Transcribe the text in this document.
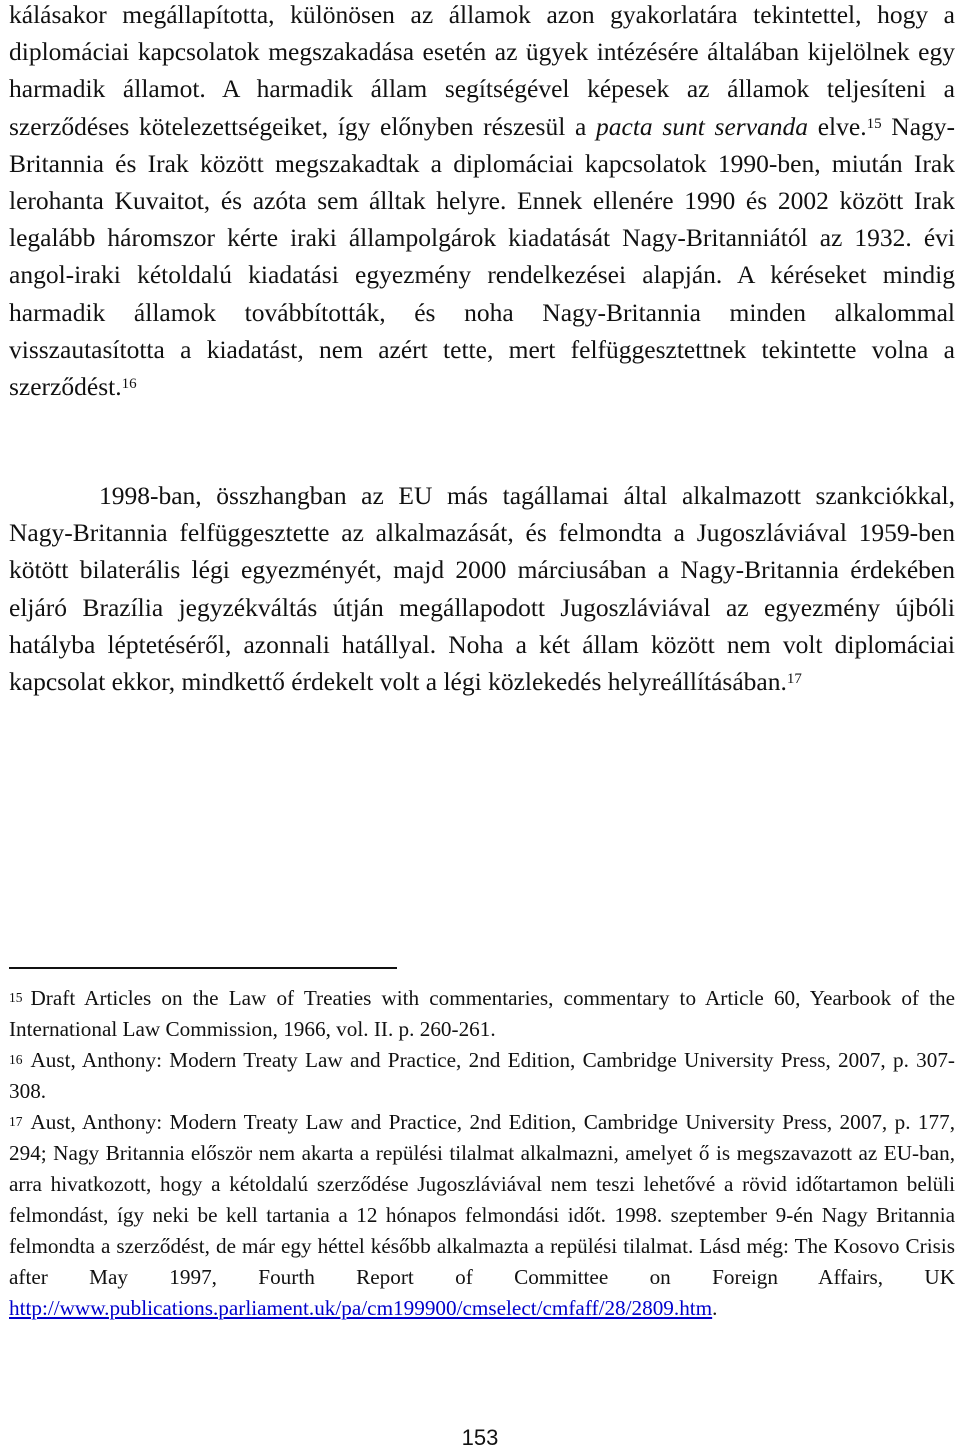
kálásakor megállapította, különösen az államok azon gyakorlatára tekintettel, hogy a diplomáciai kapcsolatok megszakadása esetén az ügyek intézésére általában kijelölnek egy harmadik államot. A harmadik állam segítségével képesek az államok teljesíteni a szerződéses kötelezettségeiket, így előnyben részesül a pacta sunt servanda elve.$^{15}$ Nagy-Britannia és Irak között megszakadtak a diplomáciai kapcsolatok 1990-ben, miután Irak lerohanta Kuvaitot, és azóta sem álltak helyre. Ennek ellenére 1990 és 2002 között Irak legalább háromszor kérte iraki állampolgárok kiadatását Nagy-Britanniától az 1932. évi angol-iraki kétoldalú kiadatási egyezmény rendelkezései alapján. A kéréseket mindig harmadik államok továbbították, és noha Nagy-Britannia minden alkalommal visszautasította a kiadatást, nem azért tette, mert felfüggesztettnek tekintette volna a szerződést.$^{16}$

1998-ban, összhangban az EU más tagállamai által alkalmazott szankciókkal, Nagy-Britannia felfüggesztette az alkalmazását, és felmondta a Jugoszláviával 1959-ben kötött bilaterális légi egyezményét, majd 2000 márciusában a Nagy-Britannia érdekében eljáró Brazília jegyzékváltás útján megállapodott Jugoszláviával az egyezmény újbóli hatályba léptetéséről, azonnali hatállyal. Noha a két állam között nem volt diplomáciai kapcsolat ekkor, mindkettő érdekelt volt a légi közlekedés helyreállításában.$^{17}$

$^{15}$ Draft Articles on the Law of Treaties with commentaries, commentary to Article 60, Yearbook of the International Law Commission, 1966, vol. II. p. 260-261.

$^{16}$ Aust, Anthony: Modern Treaty Law and Practice, 2nd Edition, Cambridge University Press, 2007, p. 307-308.

$^{17}$ Aust, Anthony: Modern Treaty Law and Practice, 2nd Edition, Cambridge University Press, 2007, p. 177, 294; Nagy Britannia először nem akarta a repülési tilalmat alkalmazni, amelyet ő is megszavazott az EU-ban, arra hivatkozott, hogy a kétoldalú szerződése Jugoszláviával nem teszi lehetővé a rövid időtartamon belüli felmondást, így neki be kell tartania a 12 hónapos felmondási időt. 1998. szeptember 9-én Nagy Britannia felmondta a szerződést, de már egy héttel később alkalmazta a repülési tilalmat. Lásd még: The Kosovo Crisis after May 1997, Fourth Report of Committee on Foreign Affairs, UK http://www.publications.parliament.uk/pa/cm199900/cmselect/cmfaff/28/2809.htm.

153
